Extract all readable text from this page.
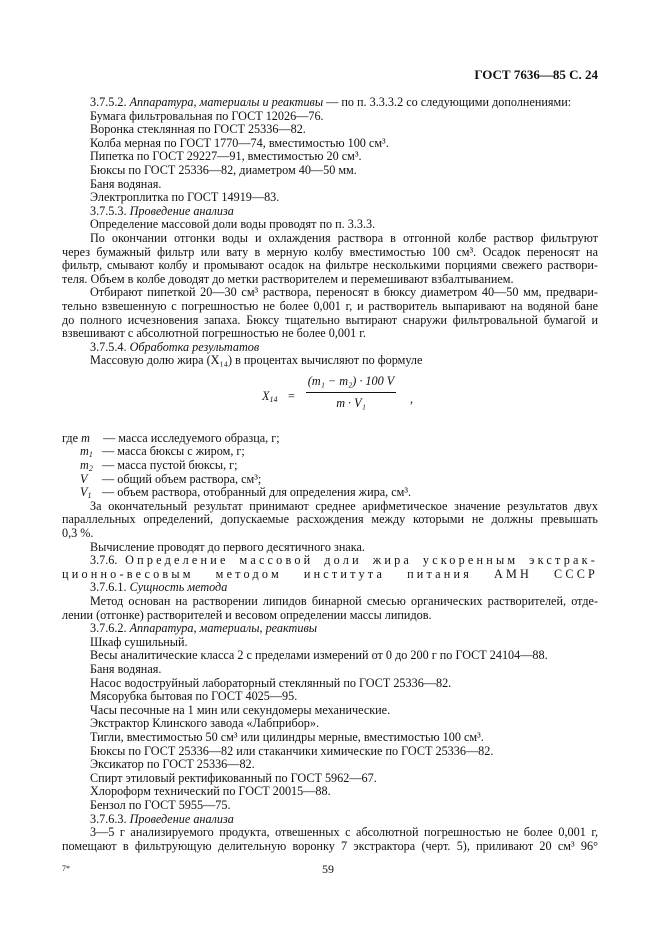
ГОСТ 7636—85 С. 24
3.7.5.2. Аппаратура, материалы и реактивы — по п. 3.3.3.2 со следующими дополнениями:
Бумага фильтровальная по ГОСТ 12026—76.
Воронка стеклянная по ГОСТ 25336—82.
Колба мерная по ГОСТ 1770—74, вместимостью 100 см³.
Пипетка по ГОСТ 29227—91, вместимостью 20 см³.
Бюксы по ГОСТ 25336—82, диаметром 40—50 мм.
Баня водяная.
Электроплитка по ГОСТ 14919—83.
3.7.5.3. Проведение анализа
Определение массовой доли воды проводят по п. 3.3.3.
По окончании отгонки воды и охлаждения раствора в отгонной колбе раствор фильтруют
через бумажный фильтр или вату в мерную колбу вместимостью 100 см³. Осадок переносят на
фильтр, смывают колбу и промывают осадок на фильтре несколькими порциями свежего раствори-
теля. Объем в колбе доводят до метки растворителем и перемешивают взбалтыванием.
Отбирают пипеткой 20—30 см³ раствора, переносят в бюксу диаметром 40—50 мм, предвари-
тельно взвешенную с погрешностью не более 0,001 г, и растворитель выпаривают на водяной бане
до полного исчезновения запаха. Бюксу тщательно вытирают снаружи фильтровальной бумагой и
взвешивают с абсолютной погрешностью не более 0,001 г.
3.7.5.4. Обработка результатов
Массовую долю жира (X₁₄) в процентах вычисляют по формуле
$X_{14} = \frac{\text{(m₁ − m₂) · 100 V}}{\text{m · V₁}}$ ,
где m — масса исследуемого образца, г;
$m_1$ — масса бюксы с жиром, г;
$m_2$ — масса пустой бюксы, г;
V — общий объем раствора, см³;
$V_1$ — объем раствора, отобранный для определения жира, см³.
За окончательный результат принимают среднее арифметическое значение результатов двух
параллельных определений, допускаемые расхождения между которыми не должны превышать
0,3 %.
Вычисление проводят до первого десятичного знака.
3.7.6. Определение массовой доли жира ускоренным экстрак-
ционно-весовым методом института питания АМН СССР
3.7.6.1. Сущность метода
Метод основан на растворении липидов бинарной смесью органических растворителей, отде-
лении (отгонке) растворителей и весовом определении массы липидов.
3.7.6.2. Аппаратура, материалы, реактивы
Шкаф сушильный.
Весы аналитические класса 2 с пределами измерений от 0 до 200 г по ГОСТ 24104—88.
Баня водяная.
Насос водоструйный лабораторный стеклянный по ГОСТ 25336—82.
Мясорубка бытовая по ГОСТ 4025—95.
Часы песочные на 1 мин или секундомеры механические.
Экстрактор Клинского завода «Лабприбор».
Тигли, вместимостью 50 см³ или цилиндры мерные, вместимостью 100 см³.
Бюксы по ГОСТ 25336—82 или стаканчики химические по ГОСТ 25336—82.
Эксикатор по ГОСТ 25336—82.
Спирт этиловый ректификованный по ГОСТ 5962—67.
Хлороформ технический по ГОСТ 20015—88.
Бензол по ГОСТ 5955—75.
3.7.6.3. Проведение анализа
3—5 г анализируемого продукта, отвешенных с абсолютной погрешностью не более 0,001 г,
помещают в фильтрующую делительную воронку 7 экстрактора (черт. 5), приливают 20 см³ 96°
7*	59
